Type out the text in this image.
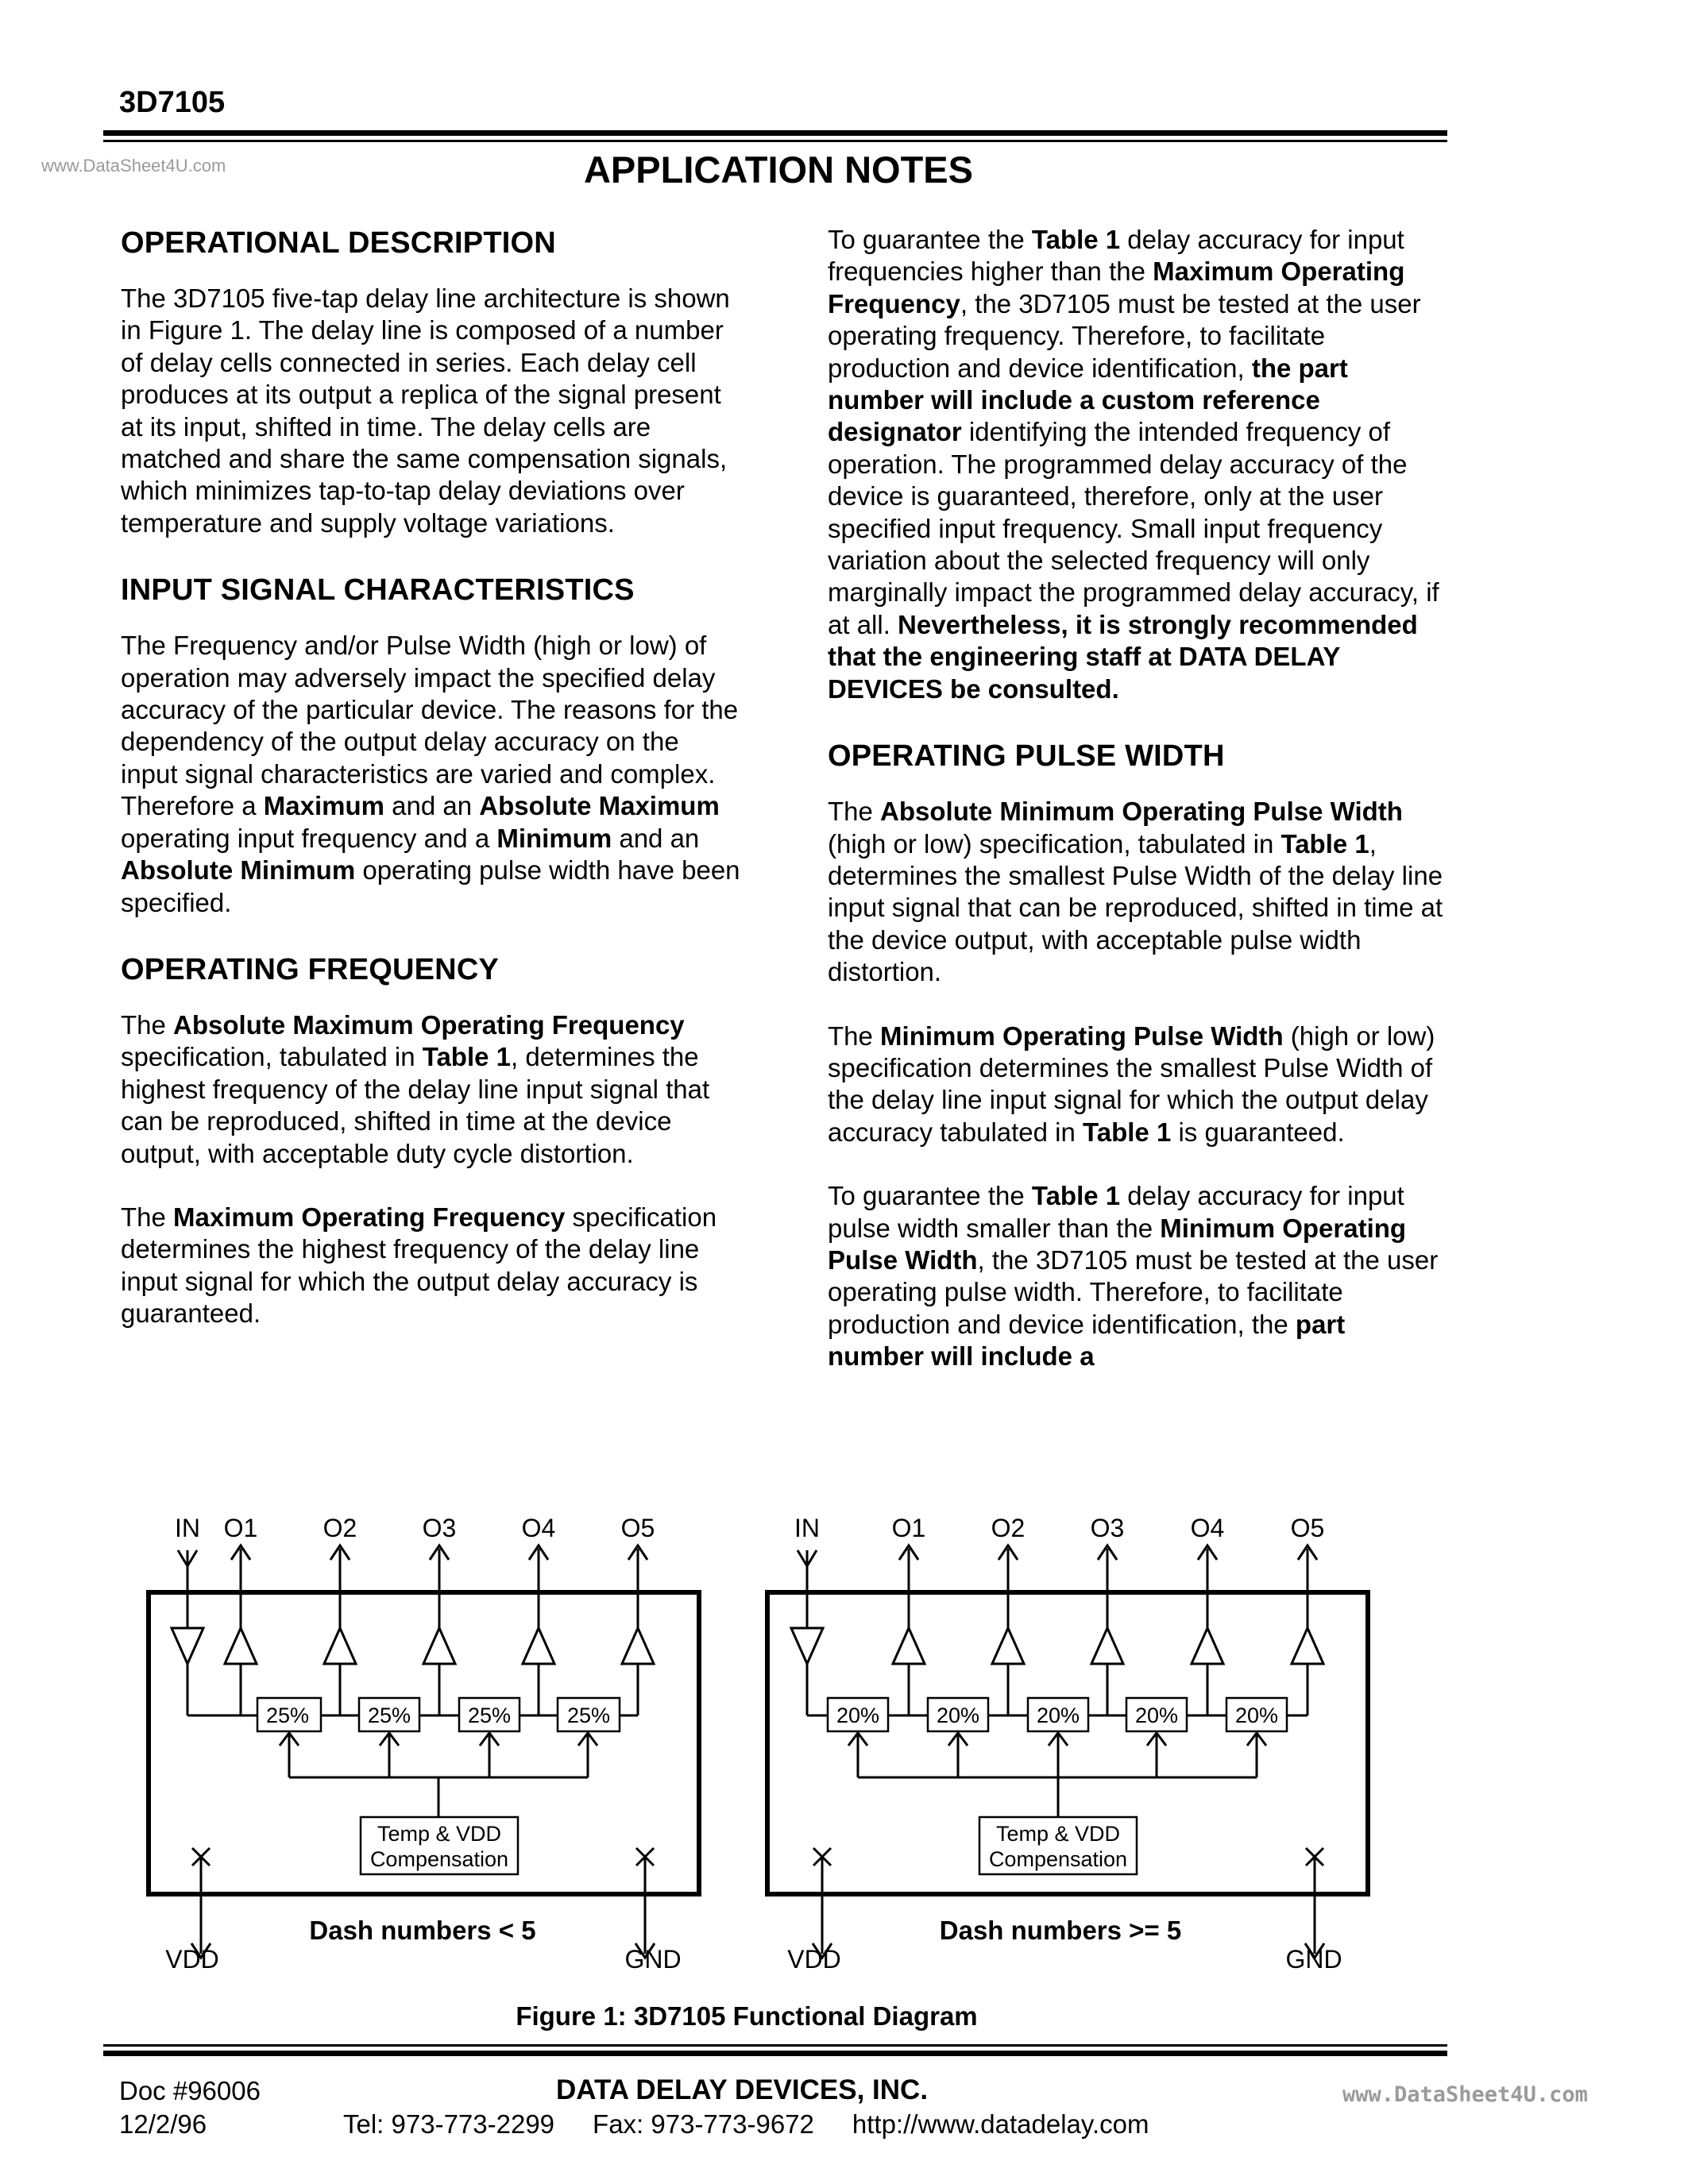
3D7105
www.DataSheet4U.com	APPLICATION NOTES
OPERATIONAL DESCRIPTION

The 3D7105 five-tap delay line architecture is shown in Figure 1. The delay line is composed of a number of delay cells connected in series. Each delay cell produces at its output a replica of the signal present at its input, shifted in time. The delay cells are matched and share the same compensation signals, which minimizes tap-to-tap delay deviations over temperature and supply voltage variations.

INPUT SIGNAL CHARACTERISTICS

The Frequency and/or Pulse Width (high or low) of operation may adversely impact the specified delay accuracy of the particular device. The reasons for the dependency of the output delay accuracy on the input signal characteristics are varied and complex. Therefore a Maximum and an Absolute Maximum operating input frequency and a Minimum and an Absolute Minimum operating pulse width have been specified.

OPERATING FREQUENCY

The Absolute Maximum Operating Frequency specification, tabulated in Table 1, determines the highest frequency of the delay line input signal that can be reproduced, shifted in time at the device output, with acceptable duty cycle distortion.

The Maximum Operating Frequency specification determines the highest frequency of the delay line input signal for which the output delay accuracy is guaranteed.

To guarantee the Table 1 delay accuracy for input frequencies higher than the Maximum Operating Frequency, the 3D7105 must be tested at the user operating frequency. Therefore, to facilitate production and device identification, the part number will include a custom reference designator identifying the intended frequency of operation. The programmed delay accuracy of the device is guaranteed, therefore, only at the user specified input frequency. Small input frequency variation about the selected frequency will only marginally impact the programmed delay accuracy, if at all. Nevertheless, it is strongly recommended that the engineering staff at DATA DELAY DEVICES be consulted.

OPERATING PULSE WIDTH

The Absolute Minimum Operating Pulse Width (high or low) specification, tabulated in Table 1, determines the smallest Pulse Width of the delay line input signal that can be reproduced, shifted in time at the device output, with acceptable pulse width distortion.

The Minimum Operating Pulse Width (high or low) specification determines the smallest Pulse Width of the delay line input signal for which the output delay accuracy tabulated in Table 1 is guaranteed.

To guarantee the Table 1 delay accuracy for input pulse width smaller than the Minimum Operating Pulse Width, the 3D7105 must be tested at the user operating pulse width. Therefore, to facilitate production and device identification, the part number will include a

IN O1	O2	O3	O4	O5
25%	25%	25%	25%
Temp & VDD
Compensation
VDD	GND
Dash numbers < 5
IN	O1	O2	O3	O4	O5
20%	20%	20%	20%	20%
Temp & VDD
Compensation
VDD	GND
Dash numbers >= 5
Figure 1: 3D7105 Functional Diagram
Doc #96006
12/2/96
DATA DELAY DEVICES, INC.
Tel: 973-773-2299 Fax: 973-773-9672 http://www.datadelay.com
www.DataSheet4U.com
